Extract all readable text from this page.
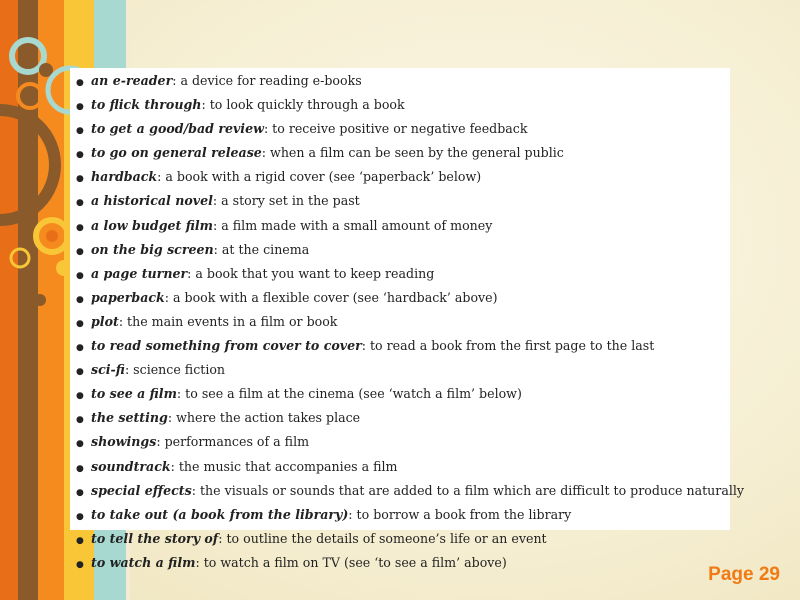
● an e-reader : a device for reading e-books
● to flick through : to look quickly through a book
● to get a good/bad review : to receive positive or negative feedback
● to go on general release : when a film can be seen by the general public
● hardback : a book with a rigid cover (see ‘paperback’ below)
● a historical novel : a story set in the past
● a low budget film : a film made with a small amount of money
● on the big screen : at the cinema
● a page turner : a book that you want to keep reading
● paperback : a book with a flexible cover (see ‘hardback’ above)
● plot : the main events in a film or book
● to read something from cover to cover : to read a book from the first page to the last
● sci-fi : science fiction
● to see a film : to see a film at the cinema (see ‘watch a film’ below)
● the setting : where the action takes place
● showings : performances of a film
● soundtrack : the music that accompanies a film
● special effects : the visuals or sounds that are added to a film which are difficult to produce naturally
● to take out (a book from the library) : to borrow a book from the library
● to tell the story of : to outline the details of someone’s life or an event
● to watch a film : to watch a film on TV (see ‘to see a film’ above)
Page 29
